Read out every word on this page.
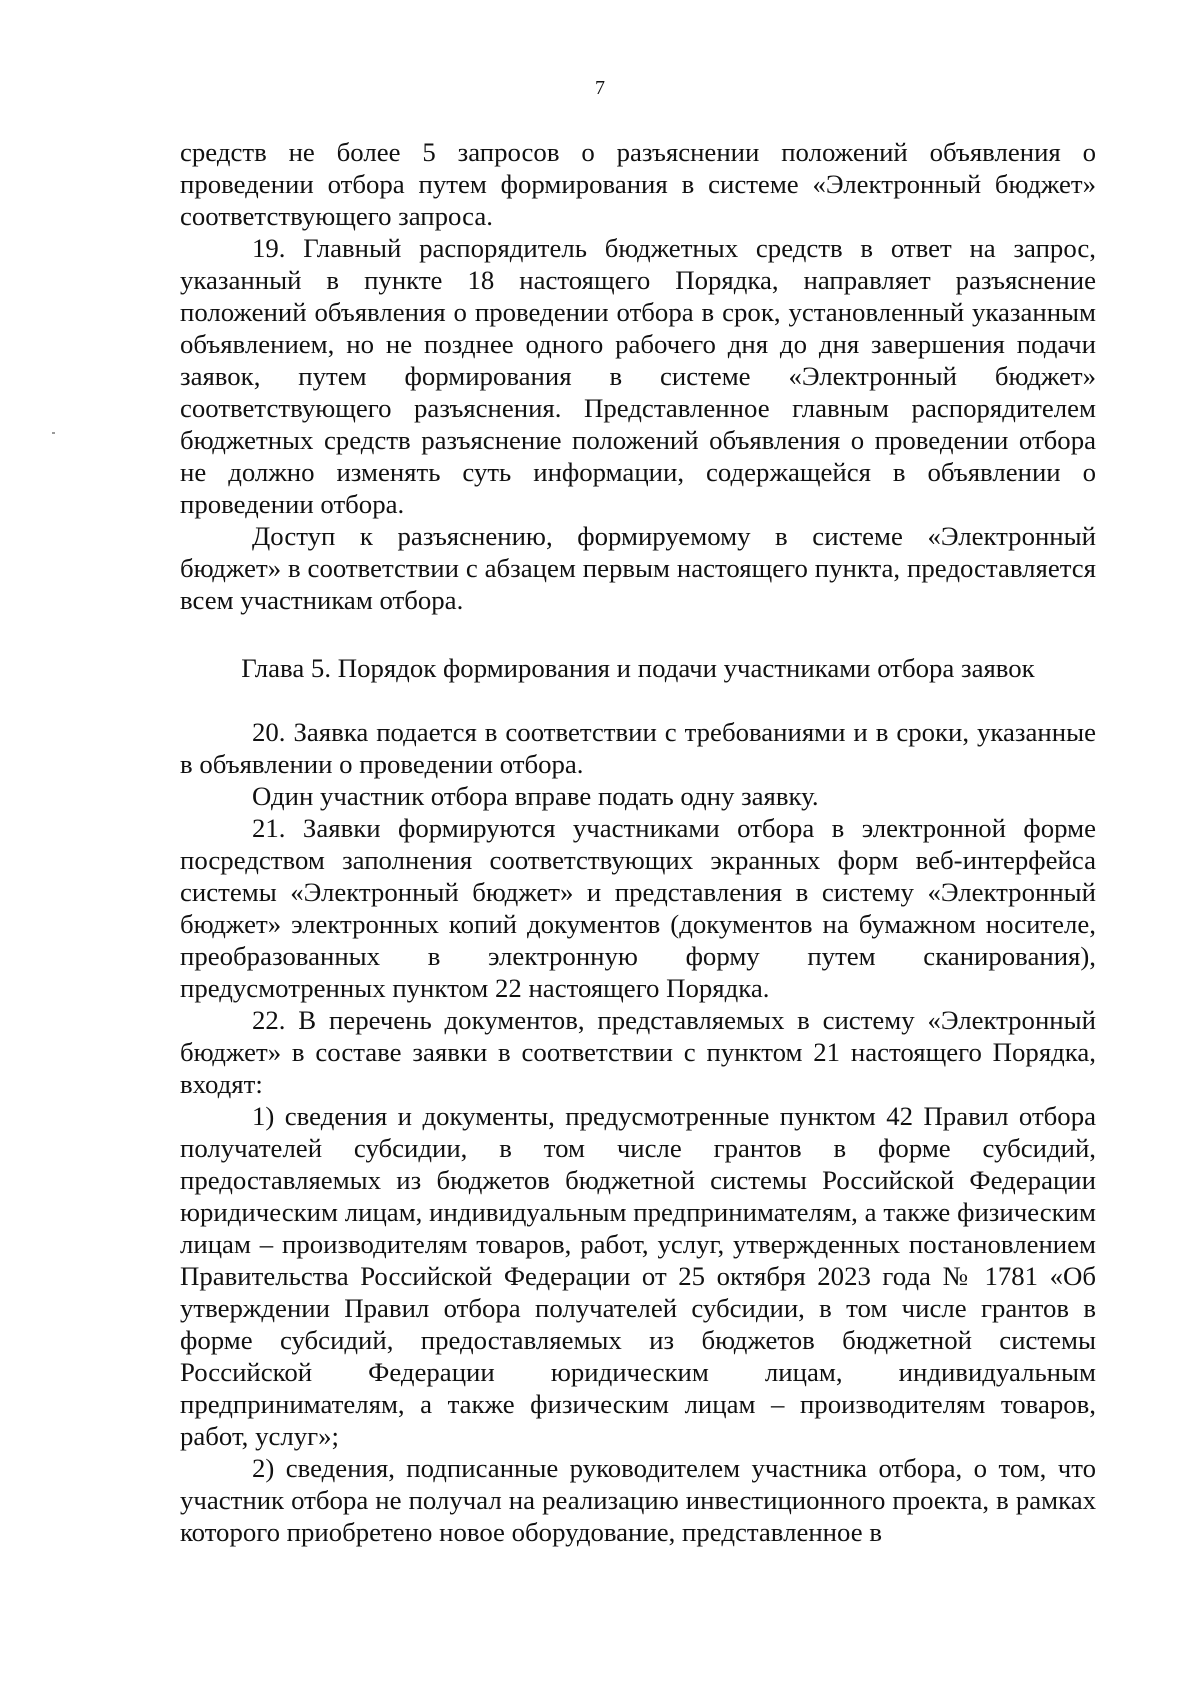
7

средств не более 5 запросов о разъяснении положений объявления о проведении отбора путем формирования в системе «Электронный бюджет» соответствующего запроса.

19. Главный распорядитель бюджетных средств в ответ на запрос, указанный в пункте 18 настоящего Порядка, направляет разъяснение положений объявления о проведении отбора в срок, установленный указанным объявлением, но не позднее одного рабочего дня до дня завершения подачи заявок, путем формирования в системе «Электронный бюджет» соответствующего разъяснения. Представленное главным распорядителем бюджетных средств разъяснение положений объявления о проведении отбора не должно изменять суть информации, содержащейся в объявлении о проведении отбора.

Доступ к разъяснению, формируемому в системе «Электронный бюджет» в соответствии с абзацем первым настоящего пункта, предоставляется всем участникам отбора.

Глава 5. Порядок формирования и подачи участниками отбора заявок

20. Заявка подается в соответствии с требованиями и в сроки, указанные в объявлении о проведении отбора.

Один участник отбора вправе подать одну заявку.

21. Заявки формируются участниками отбора в электронной форме посредством заполнения соответствующих экранных форм веб-интерфейса системы «Электронный бюджет» и представления в систему «Электронный бюджет» электронных копий документов (документов на бумажном носителе, преобразованных в электронную форму путем сканирования), предусмотренных пунктом 22 настоящего Порядка.

22. В перечень документов, представляемых в систему «Электронный бюджет» в составе заявки в соответствии с пунктом 21 настоящего Порядка, входят:

1) сведения и документы, предусмотренные пунктом 42 Правил отбора получателей субсидии, в том числе грантов в форме субсидий, предоставляемых из бюджетов бюджетной системы Российской Федерации юридическим лицам, индивидуальным предпринимателям, а также физическим лицам – производителям товаров, работ, услуг, утвержденных постановлением Правительства Российской Федерации от 25 октября 2023 года № 1781 «Об утверждении Правил отбора получателей субсидии, в том числе грантов в форме субсидий, предоставляемых из бюджетов бюджетной системы Российской Федерации юридическим лицам, индивидуальным предпринимателям, а также физическим лицам – производителям товаров, работ, услуг»;

2) сведения, подписанные руководителем участника отбора, о том, что участник отбора не получал на реализацию инвестиционного проекта, в рамках которого приобретено новое оборудование, представленное в
